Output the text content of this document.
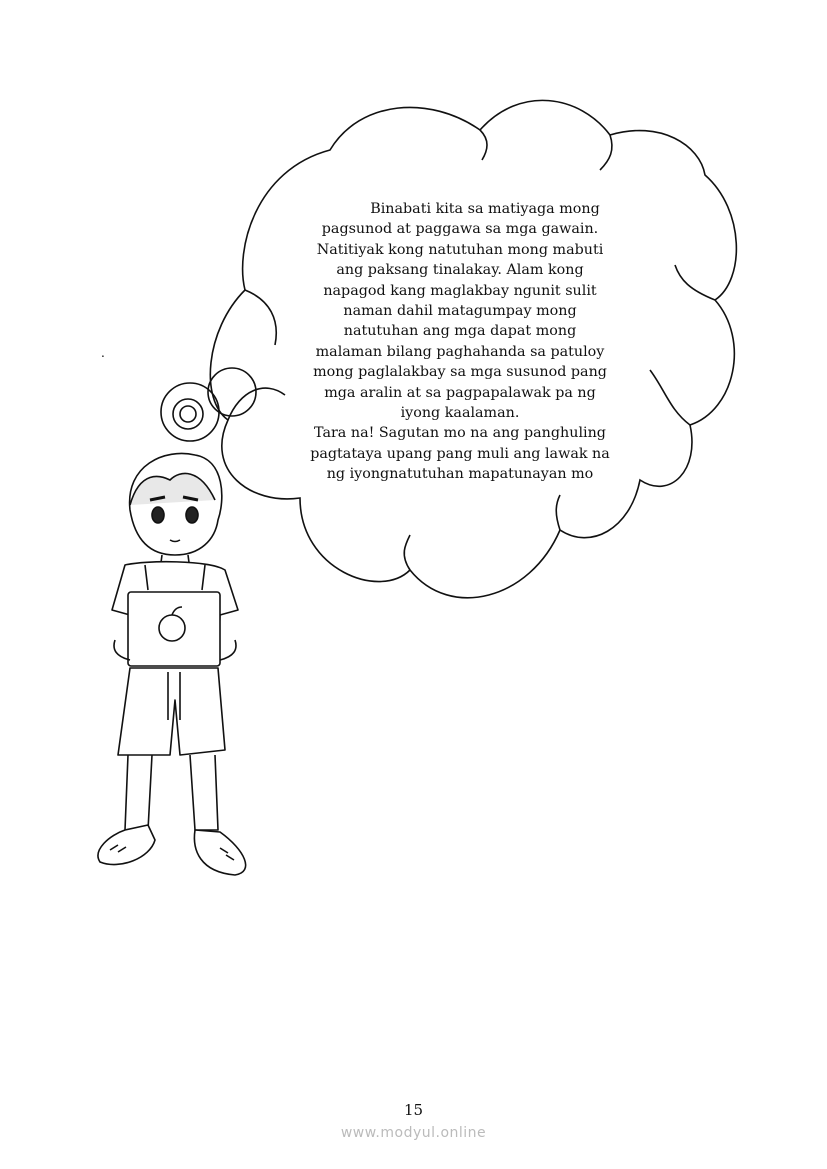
Binabati kita sa matiyaga mong
pagsunod at paggawa sa mga gawain.
Natitiyak kong natutuhan mong mabuti
ang paksang tinalakay. Alam kong
napagod kang maglakbay ngunit sulit
naman dahil matagumpay mong
natutuhan ang mga dapat mong
malaman bilang paghahanda sa patuloy
mong paglalakbay sa mga susunod pang
mga aralin at sa pagpapalawak pa ng
iyong kaalaman.
Tara na! Sagutan mo na ang panghuling
pagtataya upang pang muli ang lawak na
ng iyongnatutuhan mapatunayan mo
.
15
www.modyul.online
